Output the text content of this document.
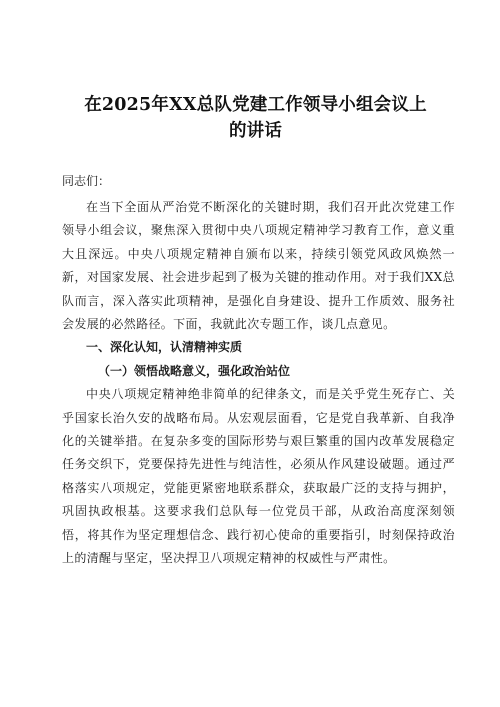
在2025年XX总队党建工作领导小组会议上
的讲话

同志们：

在当下全面从严治党不断深化的关键时期，我们召开此次党建工作领导小组会议，聚焦深入贯彻中央八项规定精神学习教育工作，意义重大且深远。中央八项规定精神自颁布以来，持续引领党风政风焕然一新，对国家发展、社会进步起到了极为关键的推动作用。对于我们XX总队而言，深入落实此项精神，是强化自身建设、提升工作质效、服务社会发展的必然路径。下面，我就此次专题工作，谈几点意见。

一、深化认知，认清精神实质

（一）领悟战略意义，强化政治站位

中央八项规定精神绝非简单的纪律条文，而是关乎党生死存亡、关乎国家长治久安的战略布局。从宏观层面看，它是党自我革新、自我净化的关键举措。在复杂多变的国际形势与艰巨繁重的国内改革发展稳定任务交织下，党要保持先进性与纯洁性，必须从作风建设破题。通过严格落实八项规定，党能更紧密地联系群众，获取最广泛的支持与拥护，巩固执政根基。这要求我们总队每一位党员干部，从政治高度深刻领悟，将其作为坚定理想信念、践行初心使命的重要指引，时刻保持政治上的清醒与坚定，坚决捍卫八项规定精神的权威性与严肃性。
